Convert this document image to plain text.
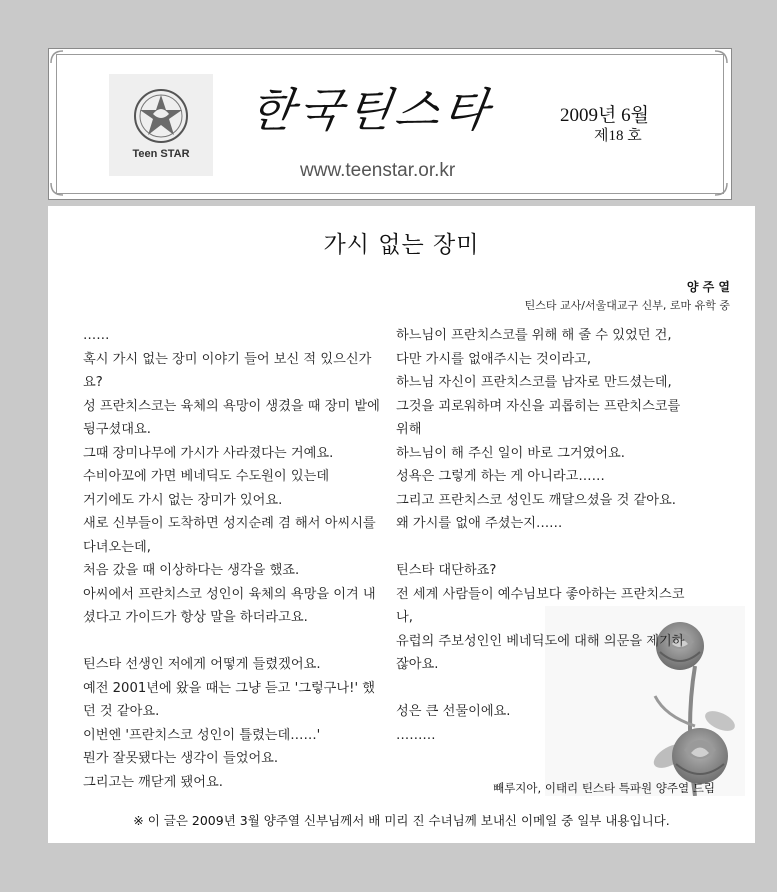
Teen STAR
한국틴스타	2009년 6월
제18 호
www.teenstar.or.kr
가시 없는 장미
양 주 열
틴스타 교사/서울대교구 신부, 로마 유학 중

……

혹시 가시 없는 장미 이야기 들어 보신 적 있으신가요?

성 프란치스코는 육체의 욕망이 생겼을 때 장미 밭에 뒹구셨대요.

그때 장미나무에 가시가 사라졌다는 거예요.

수비아꼬에 가면 베네딕도 수도원이 있는데

거기에도 가시 없는 장미가 있어요.

새로 신부들이 도착하면 성지순례 겸 해서 아씨시를 다녀오는데,

처음 갔을 때 이상하다는 생각을 했죠.

아씨에서 프란치스코 성인이 육체의 욕망을 이겨 내셨다고 가이드가 항상 말을 하더라고요.

틴스타 선생인 저에게 어떻게 들렸겠어요.

예전 2001년에 왔을 때는 그냥 듣고 '그렇구나!' 했던 것 같아요.

이번엔 '프란치스코 성인이 틀렸는데……'

뭔가 잘못됐다는 생각이 들었어요.

그리고는 깨닫게 됐어요.

하느님이 프란치스코를 위해 해 줄 수 있었던 건,

다만 가시를 없애주시는 것이라고,

하느님 자신이 프란치스코를 남자로 만드셨는데,

그것을 괴로워하며 자신을 괴롭히는 프란치스코를 위해

하느님이 해 주신 일이 바로 그거였어요.

성욕은 그렇게 하는 게 아니라고……

그리고 프란치스코 성인도 깨달으셨을 것 같아요.

왜 가시를 없애 주셨는지……

틴스타 대단하죠?

전 세계 사람들이 예수님보다 좋아하는 프란치스코나,

유럽의 주보성인인 베네딕도에 대해 의문을 제기하잖아요.

성은 큰 선물이에요.

………

빼루지아, 이태리 틴스타 특파원 양주열 드림
※ 이 글은 2009년 3월 양주열 신부님께서 배 미리 진 수녀님께 보내신 이메일 중 일부 내용입니다.
